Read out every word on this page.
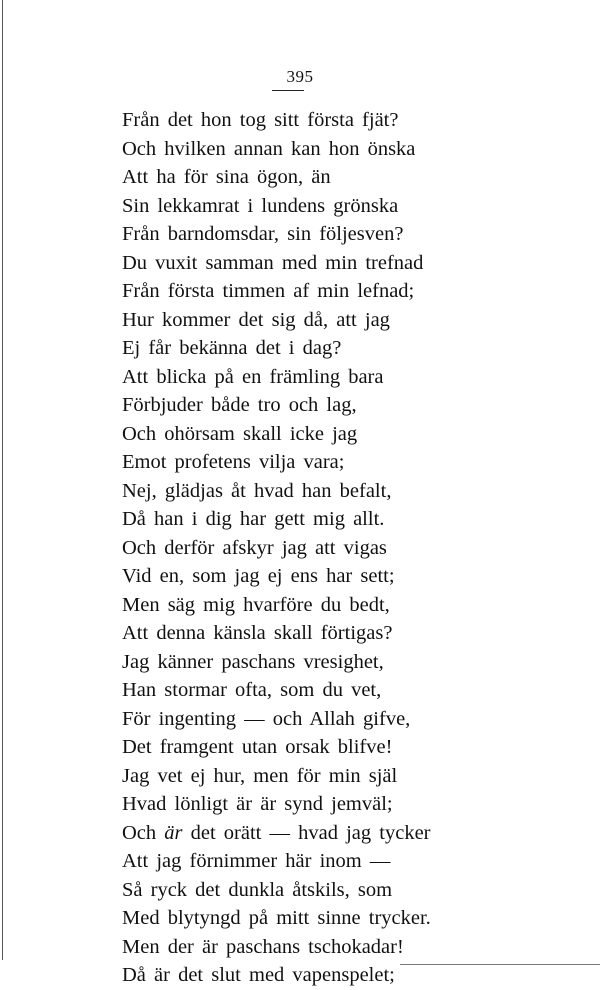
395
Från det hon tog sitt första fjät?
Och hvilken annan kan hon önska
Att ha för sina ögon, än
Sin lekkamrat i lundens grönska
Från barndomsdar, sin följesven?
Du vuxit samman med min trefnad
Från första timmen af min lefnad;
Hur kommer det sig då, att jag
Ej får bekänna det i dag?
Att blicka på en främling bara
Förbjuder både tro och lag,
Och ohörsam skall icke jag
Emot profetens vilja vara;
Nej, glädjas åt hvad han befalt,
Då han i dig har gett mig allt.
Och derför afskyr jag att vigas
Vid en, som jag ej ens har sett;
Men säg mig hvarföre du bedt,
Att denna känsla skall förtigas?
Jag känner paschans vresighet,
Han stormar ofta, som du vet,
För ingenting — och Allah gifve,
Det framgent utan orsak blifve!
Jag vet ej hur, men för min själ
Hvad lönligt är är synd jemväl;
Och är det orätt — hvad jag tycker
Att jag förnimmer här inom —
Så ryck det dunkla åtskils, som
Med blytyngd på mitt sinne trycker.
Men der är paschans tschokadar!
Då är det slut med vapenspelet;
